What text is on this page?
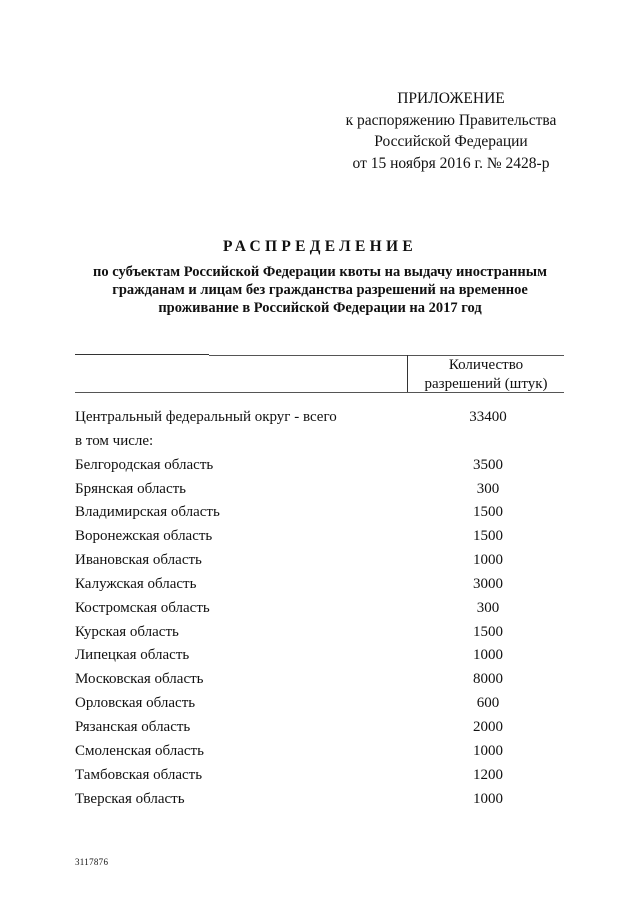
ПРИЛОЖЕНИЕ
к распоряжению Правительства
Российской Федерации
от 15 ноября 2016 г. № 2428-р
РАСПРЕДЕЛЕНИЕ
по субъектам Российской Федерации квоты на выдачу иностранным
гражданам и лицам без гражданства разрешений на временное
проживание в Российской Федерации на 2017 год
Количество
разрешений (штук)
Центральный федеральный округ - всего	33400
в том числе:
Белгородская область	3500
Брянская область	300
Владимирская область	1500
Воронежская область	1500
Ивановская область	1000
Калужская область	3000
Костромская область	300
Курская область	1500
Липецкая область	1000
Московская область	8000
Орловская область	600
Рязанская область	2000
Смоленская область	1000
Тамбовская область	1200
Тверская область	1000
3117876
